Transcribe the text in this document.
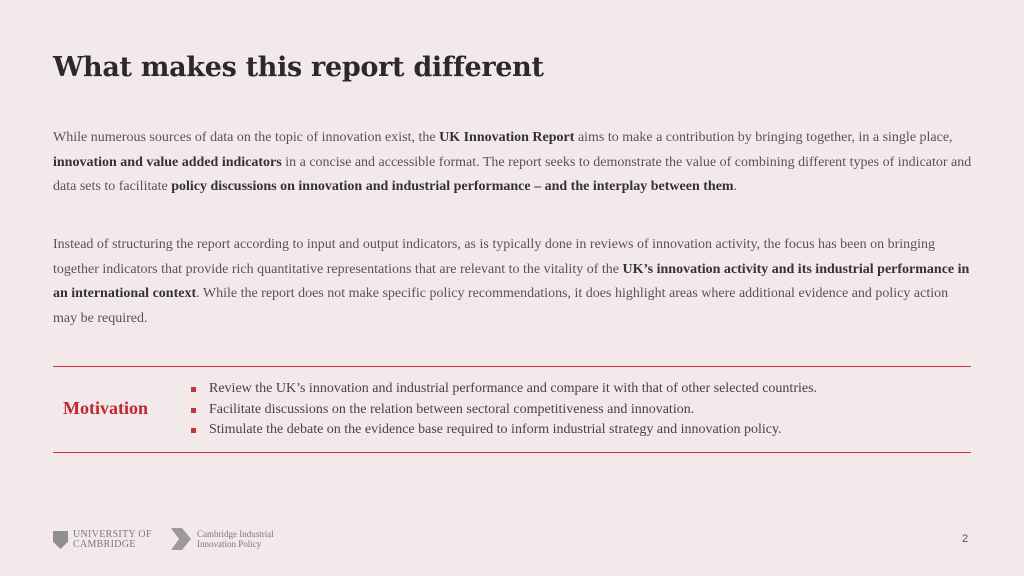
What makes this report different
While numerous sources of data on the topic of innovation exist, the UK Innovation Report aims to make a contribution by bringing together, in a single place, innovation and value added indicators in a concise and accessible format. The report seeks to demonstrate the value of combining different types of indicator and data sets to facilitate policy discussions on innovation and industrial performance – and the interplay between them.
Instead of structuring the report according to input and output indicators, as is typically done in reviews of innovation activity, the focus has been on bringing together indicators that provide rich quantitative representations that are relevant to the vitality of the UK’s innovation activity and its industrial performance in an international context. While the report does not make specific policy recommendations, it does highlight areas where additional evidence and policy action may be required.
Motivation
Review the UK’s innovation and industrial performance and compare it with that of other selected countries.
Facilitate discussions on the relation between sectoral competitiveness and innovation.
Stimulate the debate on the evidence base required to inform industrial strategy and innovation policy.
UNIVERSITY OF
CAMBRIDGE
Cambridge Industrial
Innovation Policy	2
